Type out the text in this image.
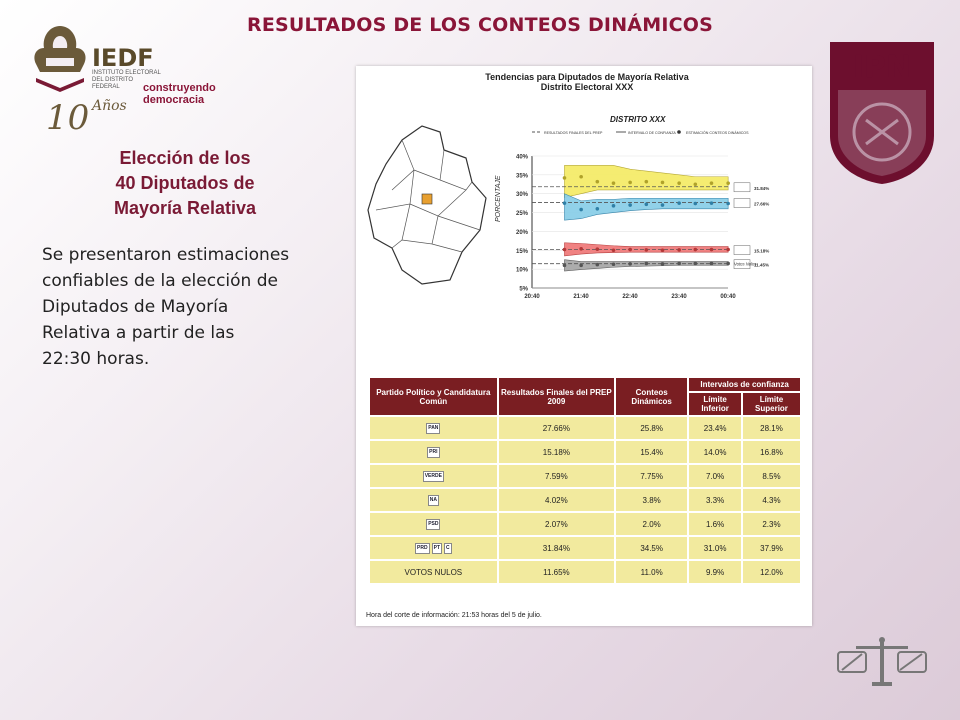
RESULTADOS DE LOS CONTEOS DINÁMICOS
IEDF
INSTITUTO ELECTORAL DEL DISTRITO FEDERAL
10 Años
construyendo
democracia
IPN
Elección de los
40 Diputados de
Mayoría Relativa
Se presentaron estimaciones
confiables de la elección de
Diputados de Mayoría
Relativa a partir de las
22:30 horas.
Tendencias para Diputados de Mayoría Relativa
Distrito Electoral XXX
DISTRITO XXX
RESULTADOS FINALES DEL PREP	INTERVALO DE CONFIANZA	ESTIMACIÓN CONTEOS DINÁMICOS
5%
10%
15%
20%
25%
30%
35%
40%
20:40	21:40	22:40	23:40	00:40
31.84%
27.66%
15.18%
11.45%
Votos Nulos
PORCENTAJE
Partido Político y Candidatura Común	Resultados Finales del PREP 2009	Conteos Dinámicos	Intervalos de confianza	
			Límite Inferior	Límite Superior

PAN	27.66%	25.8%	23.4%	28.1%

PRI	15.18%	15.4%	14.0%	16.8%

VERDE	7.59%	7.75%	7.0%	8.5%

NA	4.02%	3.8%	3.3%	4.3%

PSD	2.07%	2.0%	1.6%	2.3%

PRD PT C	31.84%	34.5%	31.0%	37.9%

VOTOS NULOS	11.65%	11.0%	9.9%	12.0%
Hora del corte de información: 21:53 horas del 5 de julio.
